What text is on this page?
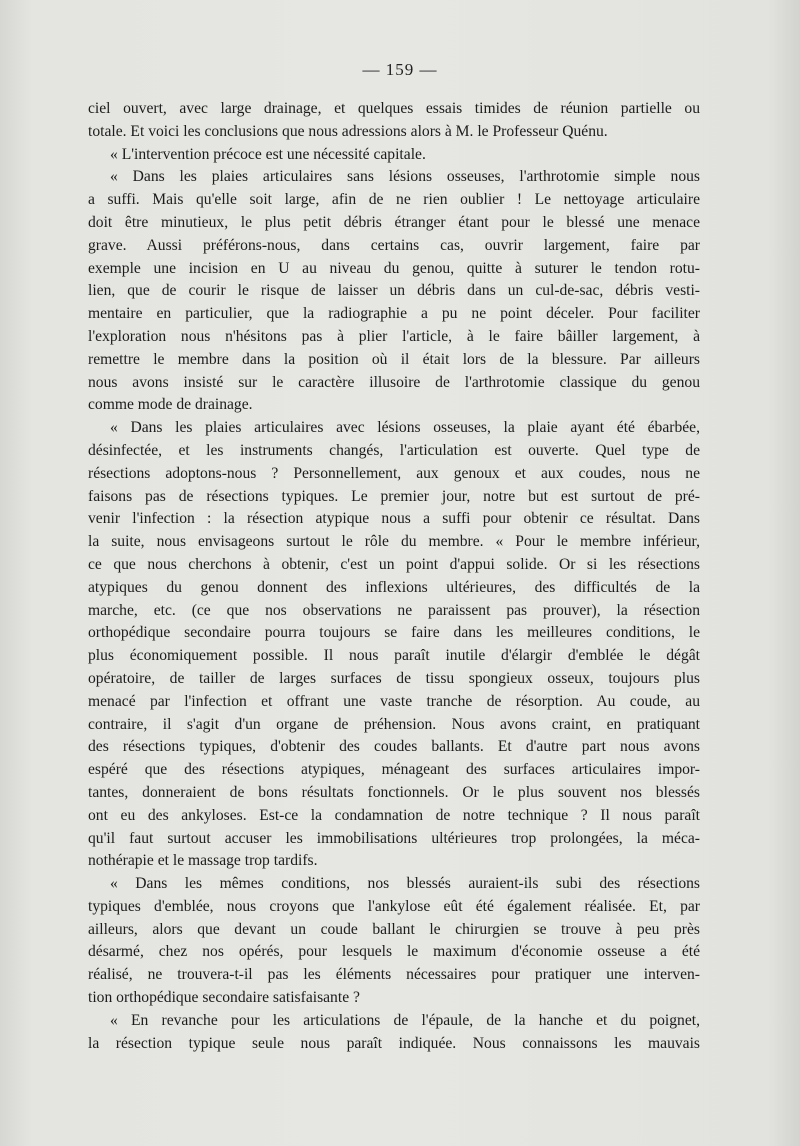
— 159 —

ciel ouvert, avec large drainage, et quelques essais timides de réunion partielle ou

totale. Et voici les conclusions que nous adressions alors à M. le Professeur Quénu.

« L'intervention précoce est une nécessité capitale.

« Dans les plaies articulaires sans lésions osseuses, l'arthrotomie simple nous

a suffi. Mais qu'elle soit large, afin de ne rien oublier ! Le nettoyage articulaire

doit être minutieux, le plus petit débris étranger étant pour le blessé une menace

grave. Aussi préférons-nous, dans certains cas, ouvrir largement, faire par

exemple une incision en U au niveau du genou, quitte à suturer le tendon rotu-

lien, que de courir le risque de laisser un débris dans un cul-de-sac, débris vesti-

mentaire en particulier, que la radiographie a pu ne point déceler. Pour faciliter

l'exploration nous n'hésitons pas à plier l'article, à le faire bâiller largement, à

remettre le membre dans la position où il était lors de la blessure. Par ailleurs

nous avons insisté sur le caractère illusoire de l'arthrotomie classique du genou

comme mode de drainage.

« Dans les plaies articulaires avec lésions osseuses, la plaie ayant été ébarbée,

désinfectée, et les instruments changés, l'articulation est ouverte. Quel type de

résections adoptons-nous ? Personnellement, aux genoux et aux coudes, nous ne

faisons pas de résections typiques. Le premier jour, notre but est surtout de pré-

venir l'infection : la résection atypique nous a suffi pour obtenir ce résultat. Dans

la suite, nous envisageons surtout le rôle du membre. « Pour le membre inférieur,

ce que nous cherchons à obtenir, c'est un point d'appui solide. Or si les résections

atypiques du genou donnent des inflexions ultérieures, des difficultés de la

marche, etc. (ce que nos observations ne paraissent pas prouver), la résection

orthopédique secondaire pourra toujours se faire dans les meilleures conditions, le

plus économiquement possible. Il nous paraît inutile d'élargir d'emblée le dégât

opératoire, de tailler de larges surfaces de tissu spongieux osseux, toujours plus

menacé par l'infection et offrant une vaste tranche de résorption. Au coude, au

contraire, il s'agit d'un organe de préhension. Nous avons craint, en pratiquant

des résections typiques, d'obtenir des coudes ballants. Et d'autre part nous avons

espéré que des résections atypiques, ménageant des surfaces articulaires impor-

tantes, donneraient de bons résultats fonctionnels. Or le plus souvent nos blessés

ont eu des ankyloses. Est-ce la condamnation de notre technique ? Il nous paraît

qu'il faut surtout accuser les immobilisations ultérieures trop prolongées, la méca-

nothérapie et le massage trop tardifs.

« Dans les mêmes conditions, nos blessés auraient-ils subi des résections

typiques d'emblée, nous croyons que l'ankylose eût été également réalisée. Et, par

ailleurs, alors que devant un coude ballant le chirurgien se trouve à peu près

désarmé, chez nos opérés, pour lesquels le maximum d'économie osseuse a été

réalisé, ne trouvera-t-il pas les éléments nécessaires pour pratiquer une interven-

tion orthopédique secondaire satisfaisante ?

« En revanche pour les articulations de l'épaule, de la hanche et du poignet,

la résection typique seule nous paraît indiquée. Nous connaissons les mauvais
